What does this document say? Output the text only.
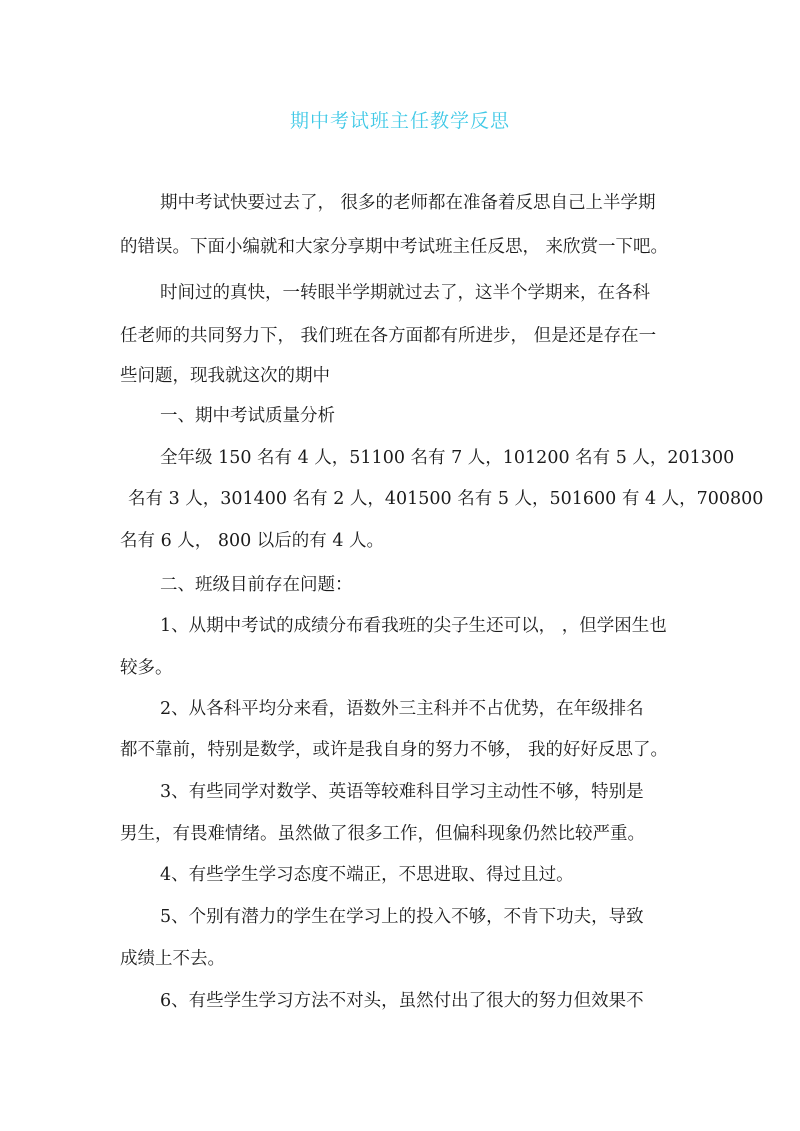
期中考试班主任教学反思
期中考试快要过去了， 很多的老师都在准备着反思自己上半学期
的错误。下面小编就和大家分享期中考试班主任反思， 来欣赏一下吧。
时间过的真快，一转眼半学期就过去了，这半个学期来，在各科
任老师的共同努力下， 我们班在各方面都有所进步， 但是还是存在一
些问题，现我就这次的期中
一、期中考试质量分析
全年级 150 名有 4 人，51100 名有 7 人，101200 名有 5 人，201300
名有 3 人，301400 名有 2 人，401500 名有 5 人，501600 有 4 人，700800
名有 6 人， 800 以后的有 4 人。
二、班级目前存在问题：
1、从期中考试的成绩分布看我班的尖子生还可以， ，但学困生也
较多。
2、从各科平均分来看，语数外三主科并不占优势，在年级排名
都不靠前，特别是数学，或许是我自身的努力不够， 我的好好反思了。
3、有些同学对数学、英语等较难科目学习主动性不够，特别是
男生，有畏难情绪。虽然做了很多工作，但偏科现象仍然比较严重。
4、有些学生学习态度不端正，不思进取、得过且过。
5、个别有潜力的学生在学习上的投入不够，不肯下功夫，导致
成绩上不去。
6、有些学生学习方法不对头，虽然付出了很大的努力但效果不
